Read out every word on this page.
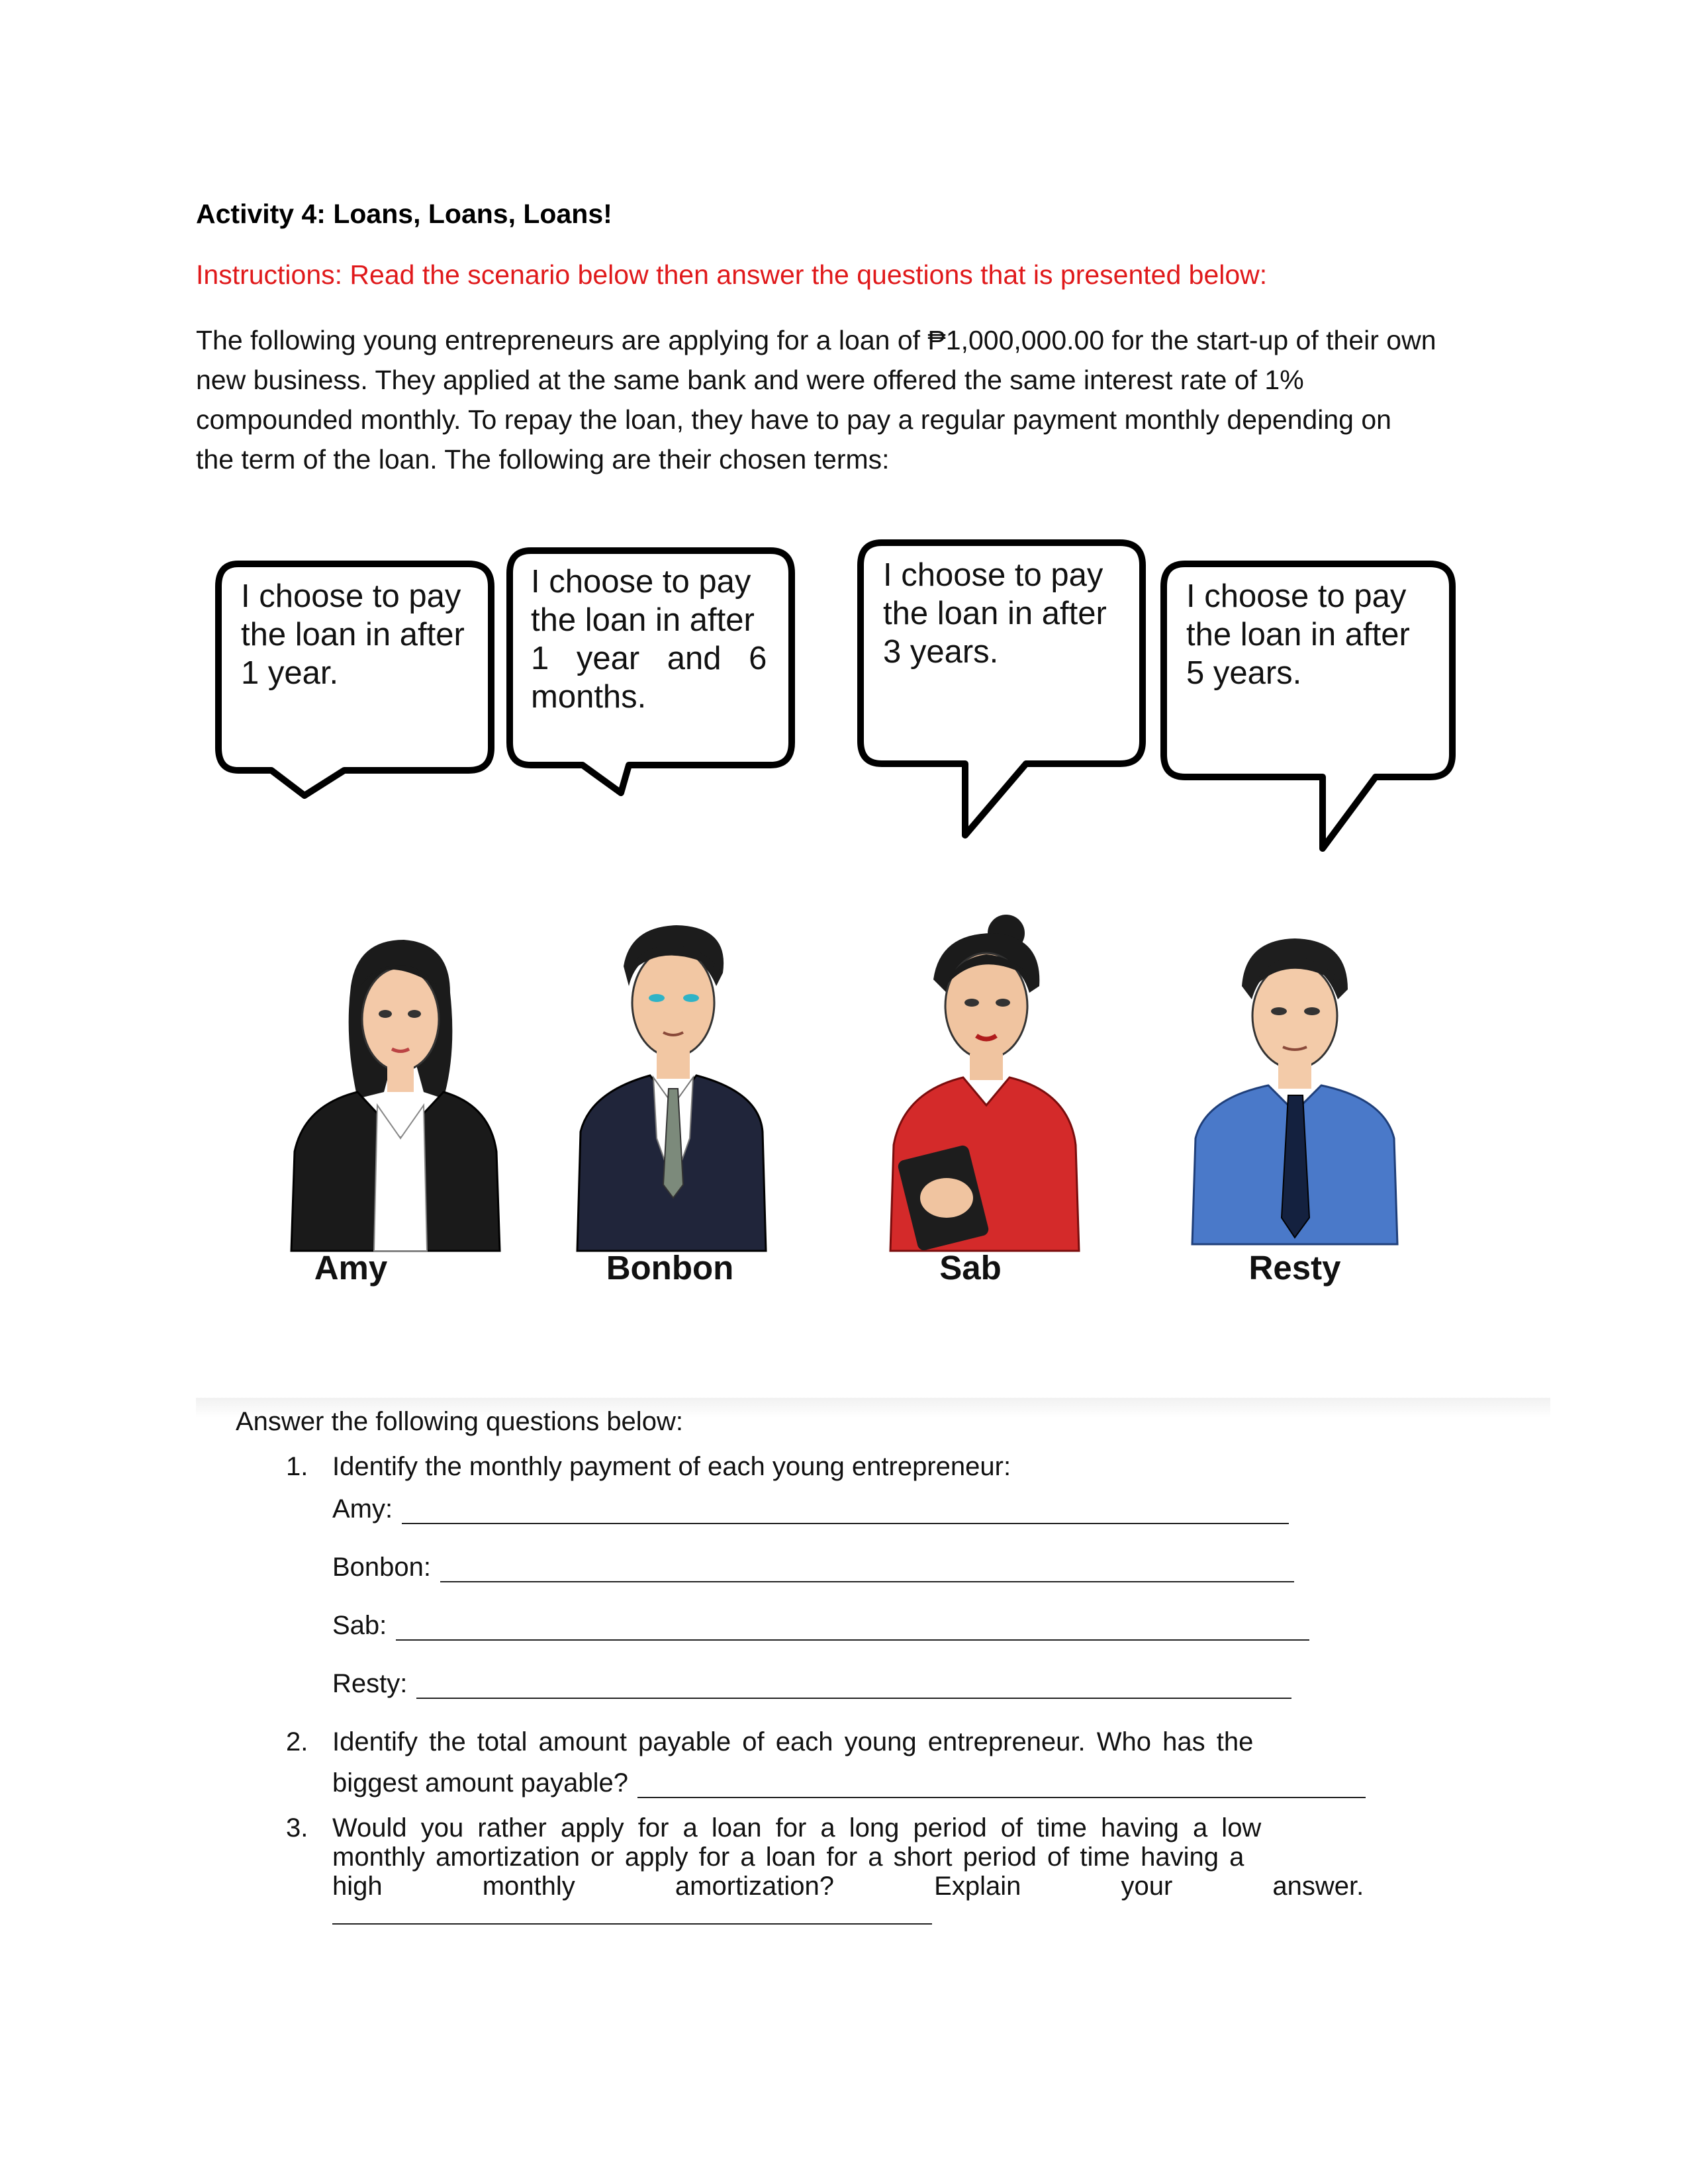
Activity 4: Loans, Loans, Loans!
Instructions: Read the scenario below then answer the questions that is presented below:
The following young entrepreneurs are applying for a loan of ₱1,000,000.00 for the start-up of their own
new business. They applied at the same bank and were offered the same interest rate of 1%
compounded monthly. To repay the loan, they have to pay a regular payment monthly depending on
the term of the loan. The following are their chosen terms:
I choose to pay
the loan in after
1 year.
I choose to pay
the loan in after
1 year and 6
months.
I choose to pay
the loan in after
3 years.
I choose to pay
the loan in after
5 years.
Amy	Bonbon	Sab	Resty
Answer the following questions below:
1. Identify the monthly payment of each young entrepreneur:
Amy:
Bonbon:
Sab:
Resty:
2. Identify the total amount payable of each young entrepreneur. Who has the
biggest amount payable?
3. Would you rather apply for a loan for a long period of time having a low
monthly amortization or apply for a loan for a short period of time having a
high monthly amortization? Explain your answer.
